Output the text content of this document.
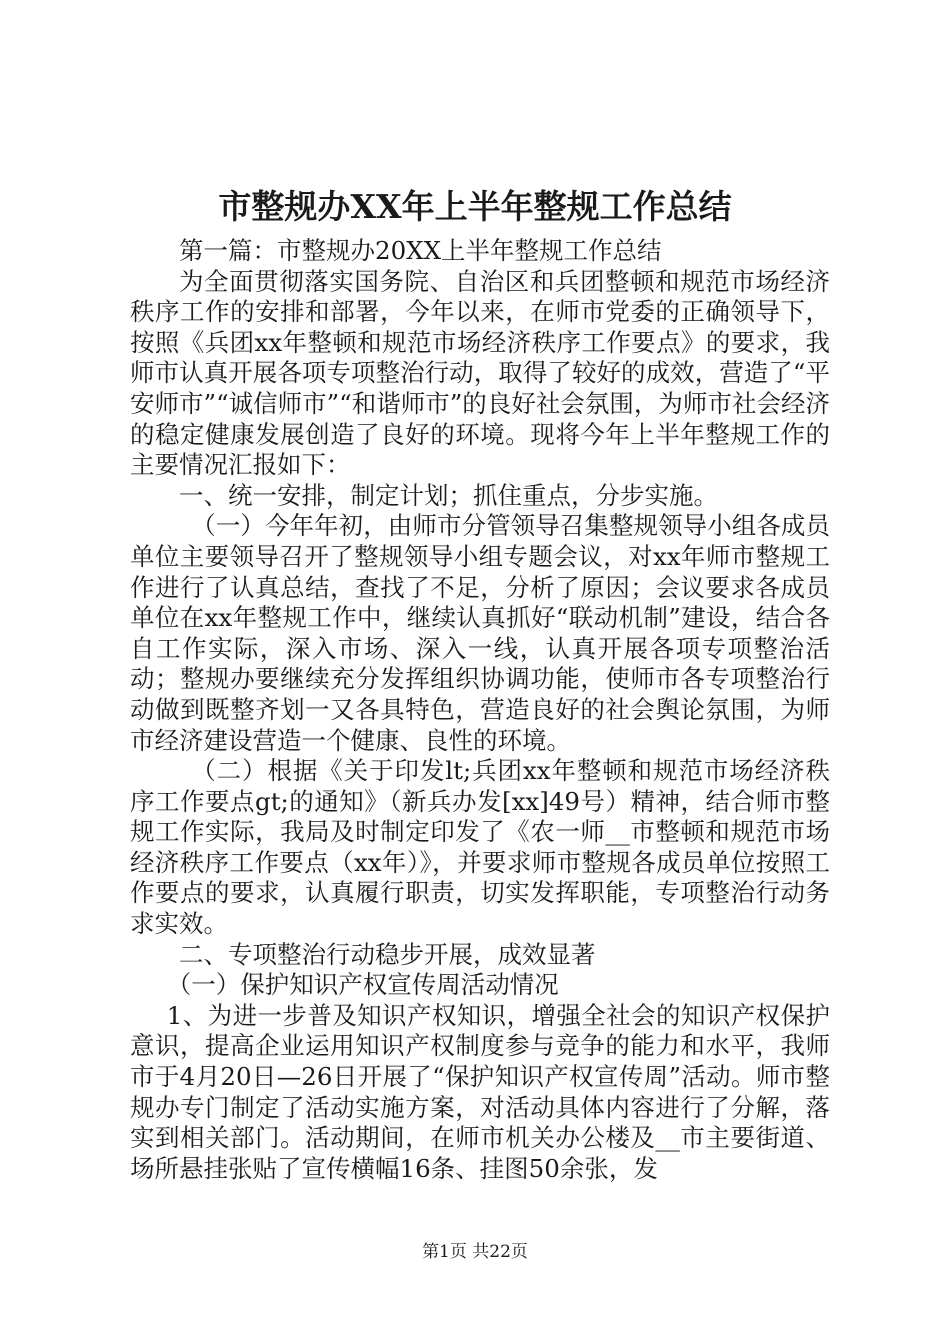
市整规办XX年上半年整规工作总结

第一篇：市整规办20XX上半年整规工作总结

为全面贯彻落实国务院、自治区和兵团整顿和规范市场经济秩序工作的安排和部署，今年以来，在师市党委的正确领导下，按照《兵团xx年整顿和规范市场经济秩序工作要点》的要求，我师市认真开展各项专项整治行动，取得了较好的成效，营造了“平安师市”“诚信师市”“和谐师市”的良好社会氛围，为师市社会经济的稳定健康发展创造了良好的环境。现将今年上半年整规工作的主要情况汇报如下：

一、统一安排，制定计划；抓住重点，分步实施。

（一）今年年初，由师市分管领导召集整规领导小组各成员单位主要领导召开了整规领导小组专题会议，对xx年师市整规工作进行了认真总结，查找了不足，分析了原因；会议要求各成员单位在xx年整规工作中，继续认真抓好“联动机制”建设，结合各自工作实际，深入市场、深入一线，认真开展各项专项整治活动；整规办要继续充分发挥组织协调功能，使师市各专项整治行动做到既整齐划一又各具特色，营造良好的社会舆论氛围，为师市经济建设营造一个健康、良性的环境。

（二）根据《关于印发lt;兵团xx年整顿和规范市场经济秩序工作要点gt;的通知》（新兵办发[xx]49号）精神，结合师市整规工作实际，我局及时制定印发了《农一师__市整顿和规范市场经济秩序工作要点（xx年）》，并要求师市整规各成员单位按照工作要点的要求，认真履行职责，切实发挥职能，专项整治行动务求实效。

二、专项整治行动稳步开展，成效显著

（一）保护知识产权宣传周活动情况

1、为进一步普及知识产权知识，增强全社会的知识产权保护意识，提高企业运用知识产权制度参与竞争的能力和水平，我师市于4月20日—26日开展了“保护知识产权宣传周”活动。师市整规办专门制定了活动实施方案，对活动具体内容进行了分解，落实到相关部门。活动期间，在师市机关办公楼及__市主要街道、场所悬挂张贴了宣传横幅16条、挂图50余张，发

第1页 共22页
